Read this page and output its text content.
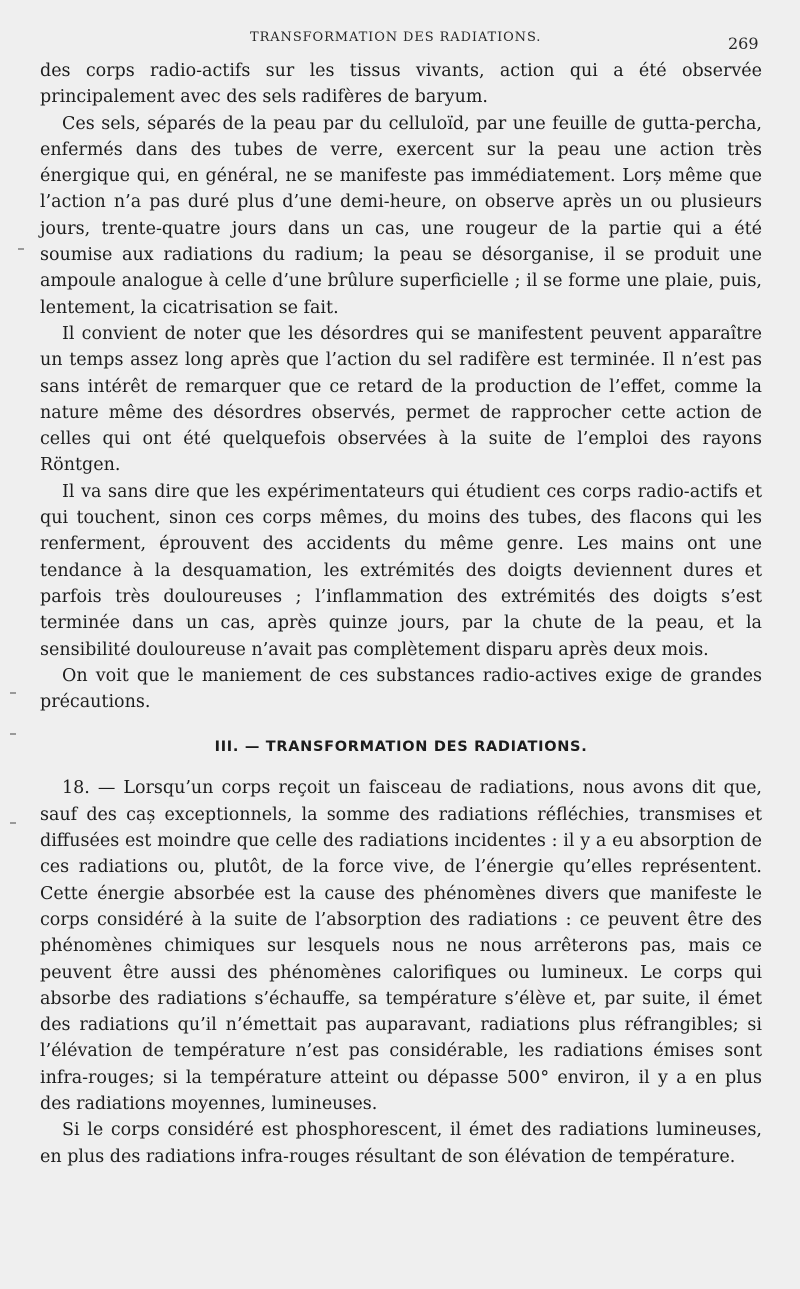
TRANSFORMATION DES RADIATIONS.	269

des corps radio-actifs sur les tissus vivants, action qui a été observée principalement avec des sels radifères de baryum.

Ces sels, séparés de la peau par du celluloïd, par une feuille de gutta-percha, enfermés dans des tubes de verre, exercent sur la peau une action très énergique qui, en général, ne se manifeste pas immédiatement. Lorș même que l’action n’a pas duré plus d’une demi-heure, on observe après un ou plusieurs jours, trente-quatre jours dans un cas, une rougeur de la partie qui a été soumise aux radiations du radium; la peau se désorganise, il se produit une ampoule analogue à celle d’une brûlure superficielle ; il se forme une plaie, puis, lentement, la cicatrisation se fait.

Il convient de noter que les désordres qui se manifestent peuvent apparaître un temps assez long après que l’action du sel radifère est terminée. Il n’est pas sans intérêt de remarquer que ce retard de la production de l’effet, comme la nature même des désordres observés, permet de rapprocher cette action de celles qui ont été quelquefois observées à la suite de l’emploi des rayons Röntgen.

Il va sans dire que les expérimentateurs qui étudient ces corps radio-actifs et qui touchent, sinon ces corps mêmes, du moins des tubes, des flacons qui les renferment, éprouvent des accidents du même genre. Les mains ont une tendance à la desquamation, les extrémités des doigts deviennent dures et parfois très douloureuses ; l’inflammation des extrémités des doigts s’est terminée dans un cas, après quinze jours, par la chute de la peau, et la sensibilité douloureuse n’avait pas complètement disparu après deux mois.

On voit que le maniement de ces substances radio-actives exige de grandes précautions.

III. — TRANSFORMATION DES RADIATIONS.

18. — Lorsqu’un corps reçoit un faisceau de radiations, nous avons dit que, sauf des caș exceptionnels, la somme des radiations réfléchies, transmises et diffusées est moindre que celle des radiations incidentes : il y a eu absorption de ces radiations ou, plutôt, de la force vive, de l’énergie qu’elles représentent. Cette énergie absorbée est la cause des phénomènes divers que manifeste le corps considéré à la suite de l’absorption des radiations : ce peuvent être des phénomènes chimiques sur lesquels nous ne nous arrêterons pas, mais ce peuvent être aussi des phénomènes calorifiques ou lumineux. Le corps qui absorbe des radiations s’échauffe, sa température s’élève et, par suite, il émet des radiations qu’il n’émettait pas auparavant, radiations plus réfrangibles; si l’élévation de température n’est pas considérable, les radiations émises sont infra-rouges; si la température atteint ou dépasse 500° environ, il y a en plus des radiations moyennes, lumineuses.

Si le corps considéré est phosphorescent, il émet des radiations lumineuses, en plus des radiations infra-rouges résultant de son élévation de température.
